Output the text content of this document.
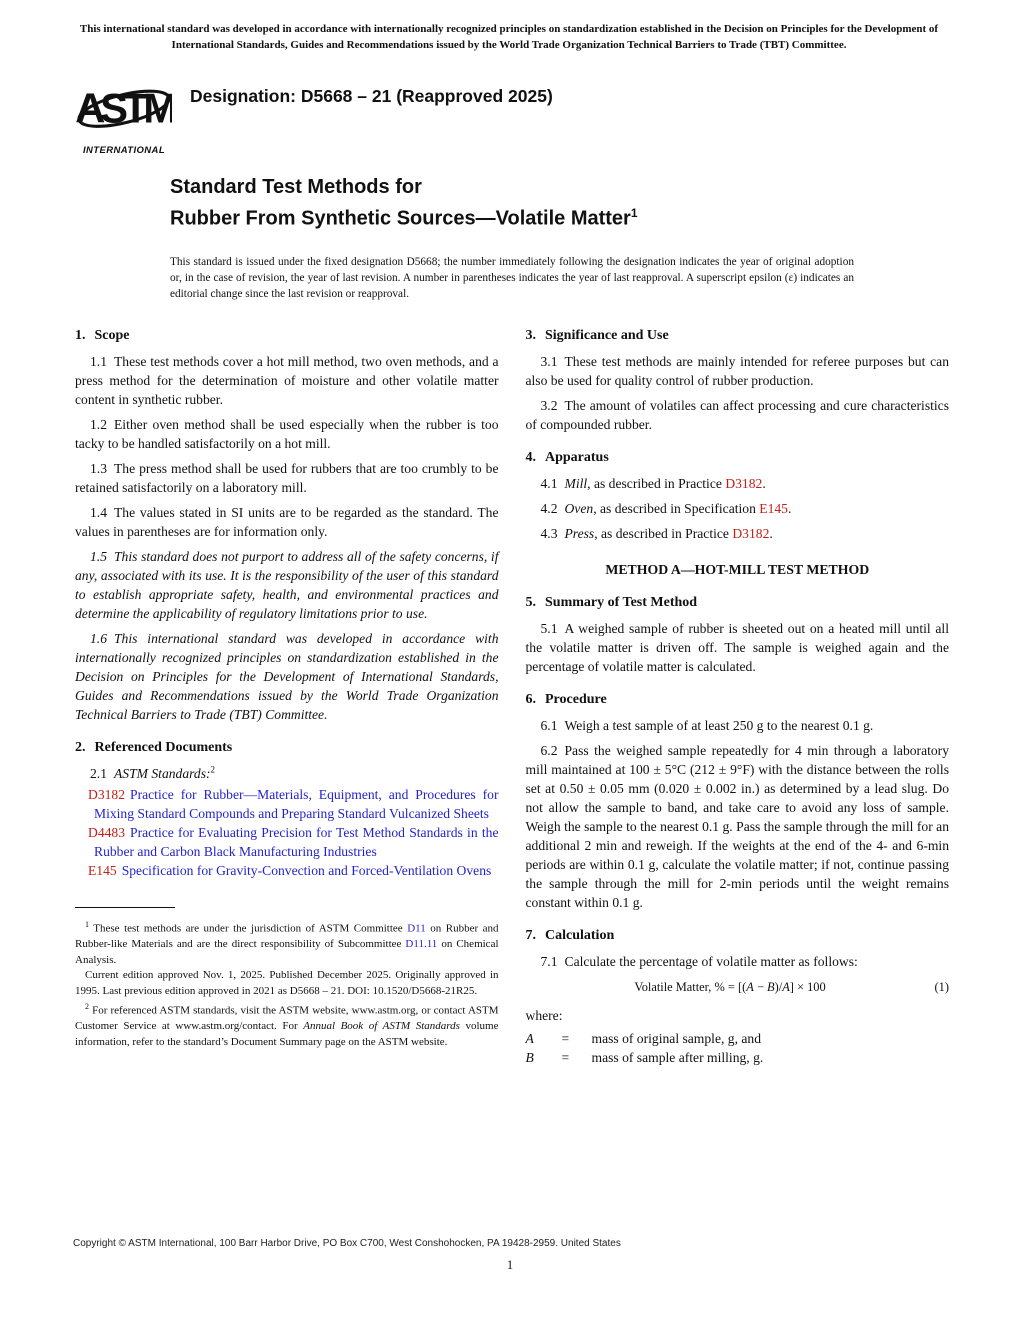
This international standard was developed in accordance with internationally recognized principles on standardization established in the Decision on Principles for the Development of International Standards, Guides and Recommendations issued by the World Trade Organization Technical Barriers to Trade (TBT) Committee.
ASTM
INTERNATIONAL
Designation: D5668 – 21 (Reapproved 2025)
Standard Test Methods for
Rubber From Synthetic Sources—Volatile Matter$^1$

This standard is issued under the fixed designation D5668; the number immediately following the designation indicates the year of original adoption or, in the case of revision, the year of last revision. A number in parentheses indicates the year of last reapproval. A superscript epsilon (ε) indicates an editorial change since the last revision or reapproval.

1. Scope

1.1 These test methods cover a hot mill method, two oven methods, and a press method for the determination of moisture and other volatile matter content in synthetic rubber.

1.2 Either oven method shall be used especially when the rubber is too tacky to be handled satisfactorily on a hot mill.

1.3 The press method shall be used for rubbers that are too crumbly to be retained satisfactorily on a laboratory mill.

1.4 The values stated in SI units are to be regarded as the standard. The values in parentheses are for information only.

1.5 This standard does not purport to address all of the safety concerns, if any, associated with its use. It is the responsibility of the user of this standard to establish appropriate safety, health, and environmental practices and determine the applicability of regulatory limitations prior to use.

1.6 This international standard was developed in accordance with internationally recognized principles on standardization established in the Decision on Principles for the Development of International Standards, Guides and Recommendations issued by the World Trade Organization Technical Barriers to Trade (TBT) Committee.

2. Referenced Documents

2.1 ASTM Standards:$^2$

D3182 Practice for Rubber—Materials, Equipment, and Procedures for Mixing Standard Compounds and Preparing Standard Vulcanized Sheets

D4483 Practice for Evaluating Precision for Test Method Standards in the Rubber and Carbon Black Manufacturing Industries

E145 Specification for Gravity-Convection and Forced-Ventilation Ovens

$^1$ These test methods are under the jurisdiction of ASTM Committee D11 on Rubber and Rubber-like Materials and are the direct responsibility of Subcommittee D11.11 on Chemical Analysis.

Current edition approved Nov. 1, 2025. Published December 2025. Originally approved in 1995. Last previous edition approved in 2021 as D5668 – 21. DOI: 10.1520/D5668-21R25.

$^2$ For referenced ASTM standards, visit the ASTM website, www.astm.org, or contact ASTM Customer Service at www.astm.org/contact. For Annual Book of ASTM Standards volume information, refer to the standard’s Document Summary page on the ASTM website.

3. Significance and Use

3.1 These test methods are mainly intended for referee purposes but can also be used for quality control of rubber production.

3.2 The amount of volatiles can affect processing and cure characteristics of compounded rubber.

4. Apparatus

4.1 Mill, as described in Practice D3182.

4.2 Oven, as described in Specification E145.

4.3 Press, as described in Practice D3182.

METHOD A—HOT-MILL TEST METHOD
5. Summary of Test Method

5.1 A weighed sample of rubber is sheeted out on a heated mill until all the volatile matter is driven off. The sample is weighed again and the percentage of volatile matter is calculated.

6. Procedure

6.1 Weigh a test sample of at least 250 g to the nearest 0.1 g.

6.2 Pass the weighed sample repeatedly for 4 min through a laboratory mill maintained at 100 ± 5°C (212 ± 9°F) with the distance between the rolls set at 0.50 ± 0.05 mm (0.020 ± 0.002 in.) as determined by a lead slug. Do not allow the sample to band, and take care to avoid any loss of sample. Weigh the sample to the nearest 0.1 g. Pass the sample through the mill for an additional 2 min and reweigh. If the weights at the end of the 4- and 6-min periods are within 0.1 g, calculate the volatile matter; if not, continue passing the sample through the mill for 2-min periods until the weight remains constant within 0.1 g.

7. Calculation

7.1 Calculate the percentage of volatile matter as follows:

Volatile Matter, % = [(A − B)/A] × 100	(1)

where:

A	=	mass of original sample, g, and
B	=	mass of sample after milling, g.
Copyright © ASTM International, 100 Barr Harbor Drive, PO Box C700, West Conshohocken, PA 19428-2959. United States
1
